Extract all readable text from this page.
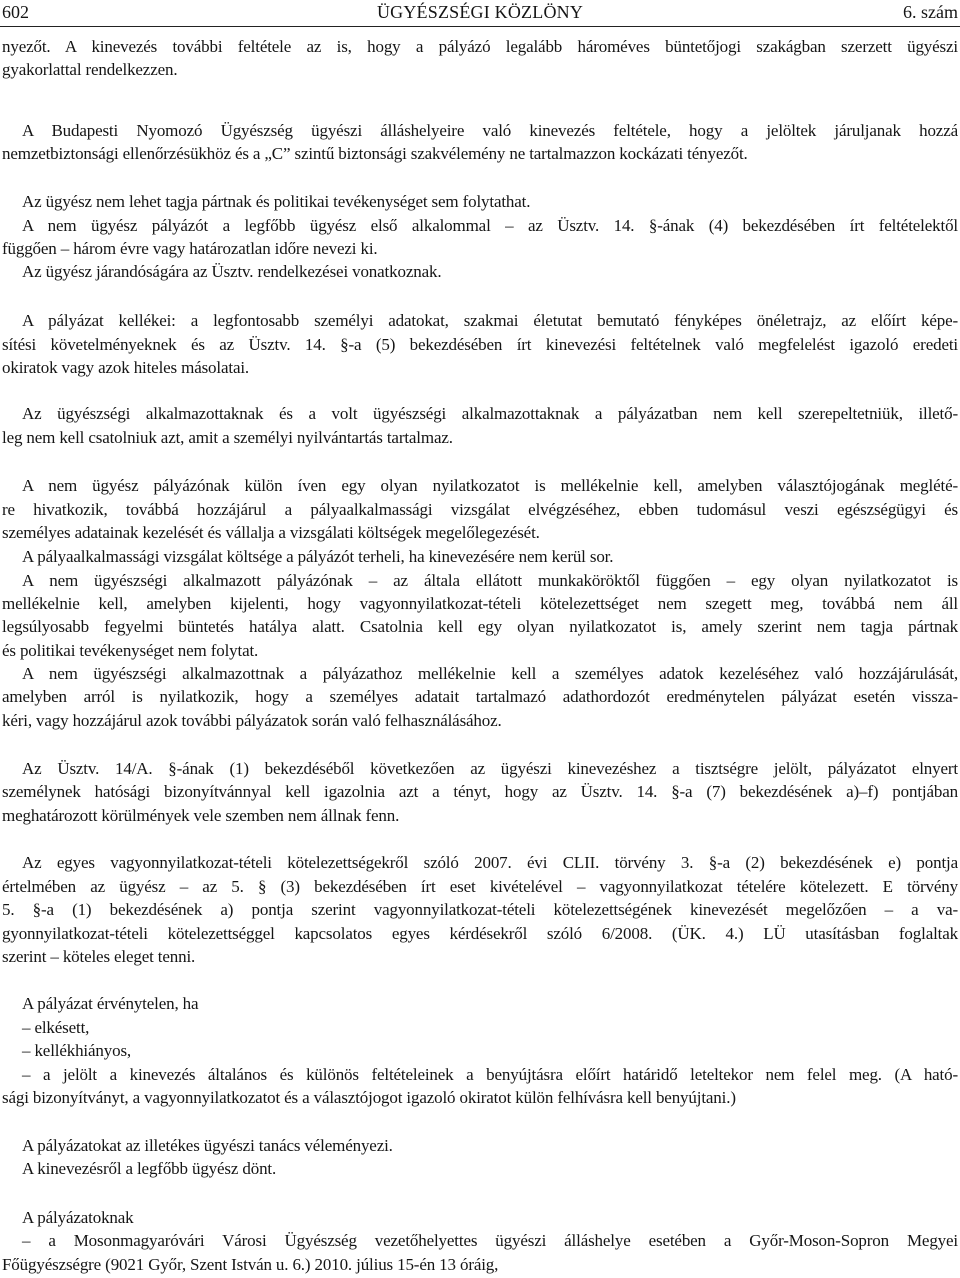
602	ÜGYÉSZSÉGI KÖZLÖNY	6. szám
nyezőt. A kinevezés további feltétele az is, hogy a pályázó legalább hároméves büntetőjogi szakágban szerzett ügyészi
gyakorlattal rendelkezzen.
A Budapesti Nyomozó Ügyészség ügyészi álláshelyeire való kinevezés feltétele, hogy a jelöltek járuljanak hozzá
nemzetbiztonsági ellenőrzésükhöz és a „C” szintű biztonsági szakvélemény ne tartalmazzon kockázati tényezőt.
Az ügyész nem lehet tagja pártnak és politikai tevékenységet sem folytathat.
A nem ügyész pályázót a legfőbb ügyész első alkalommal – az Üsztv. 14. §-ának (4) bekezdésében írt feltételektől
függően – három évre vagy határozatlan időre nevezi ki.
Az ügyész járandóságára az Üsztv. rendelkezései vonatkoznak.
A pályázat kellékei: a legfontosabb személyi adatokat, szakmai életutat bemutató fényképes önéletrajz, az előírt képe-
sítési követelményeknek és az Üsztv. 14. §-a (5) bekezdésében írt kinevezési feltételnek való megfelelést igazoló eredeti
okiratok vagy azok hiteles másolatai.
Az ügyészségi alkalmazottaknak és a volt ügyészségi alkalmazottaknak a pályázatban nem kell szerepeltetniük, illető-
leg nem kell csatolniuk azt, amit a személyi nyilvántartás tartalmaz.
A nem ügyész pályázónak külön íven egy olyan nyilatkozatot is mellékelnie kell, amelyben választójogának meglété-
re hivatkozik, továbbá hozzájárul a pályaalkalmassági vizsgálat elvégzéséhez, ebben tudomásul veszi egészségügyi és
személyes adatainak kezelését és vállalja a vizsgálati költségek megelőlegezését.
A pályaalkalmassági vizsgálat költsége a pályázót terheli, ha kinevezésére nem kerül sor.
A nem ügyészségi alkalmazott pályázónak – az általa ellátott munkaköröktől függően – egy olyan nyilatkozatot is
mellékelnie kell, amelyben kijelenti, hogy vagyonnyilatkozat-tételi kötelezettséget nem szegett meg, továbbá nem áll
legsúlyosabb fegyelmi büntetés hatálya alatt. Csatolnia kell egy olyan nyilatkozatot is, amely szerint nem tagja pártnak
és politikai tevékenységet nem folytat.
A nem ügyészségi alkalmazottnak a pályázathoz mellékelnie kell a személyes adatok kezeléséhez való hozzájárulását,
amelyben arról is nyilatkozik, hogy a személyes adatait tartalmazó adathordozót eredménytelen pályázat esetén vissza-
kéri, vagy hozzájárul azok további pályázatok során való felhasználásához.
Az Üsztv. 14/A. §-ának (1) bekezdéséből következően az ügyészi kinevezéshez a tisztségre jelölt, pályázatot elnyert
személynek hatósági bizonyítvánnyal kell igazolnia azt a tényt, hogy az Üsztv. 14. §-a (7) bekezdésének a)–f) pontjában
meghatározott körülmények vele szemben nem állnak fenn.
Az egyes vagyonnyilatkozat-tételi kötelezettségekről szóló 2007. évi CLII. törvény 3. §-a (2) bekezdésének e) pontja
értelmében az ügyész – az 5. § (3) bekezdésében írt eset kivételével – vagyonnyilatkozat tételére kötelezett. E törvény
5. §-a (1) bekezdésének a) pontja szerint vagyonnyilatkozat-tételi kötelezettségének kinevezését megelőzően – a va-
gyonnyilatkozat-tételi kötelezettséggel kapcsolatos egyes kérdésekről szóló 6/2008. (ÜK. 4.) LÜ utasításban foglaltak
szerint – köteles eleget tenni.
A pályázat érvénytelen, ha
– elkésett,
– kellékhiányos,
– a jelölt a kinevezés általános és különös feltételeinek a benyújtásra előírt határidő leteltekor nem felel meg. (A ható-
sági bizonyítványt, a vagyonnyilatkozatot és a választójogot igazoló okiratot külön felhívásra kell benyújtani.)
A pályázatokat az illetékes ügyészi tanács véleményezi.
A kinevezésről a legfőbb ügyész dönt.
A pályázatoknak
– a Mosonmagyaróvári Városi Ügyészség vezetőhelyettes ügyészi álláshelye esetében a Győr-Moson-Sopron Megyei
Főügyészségre (9021 Győr, Szent István u. 6.) 2010. július 15-én 13 óráig,
